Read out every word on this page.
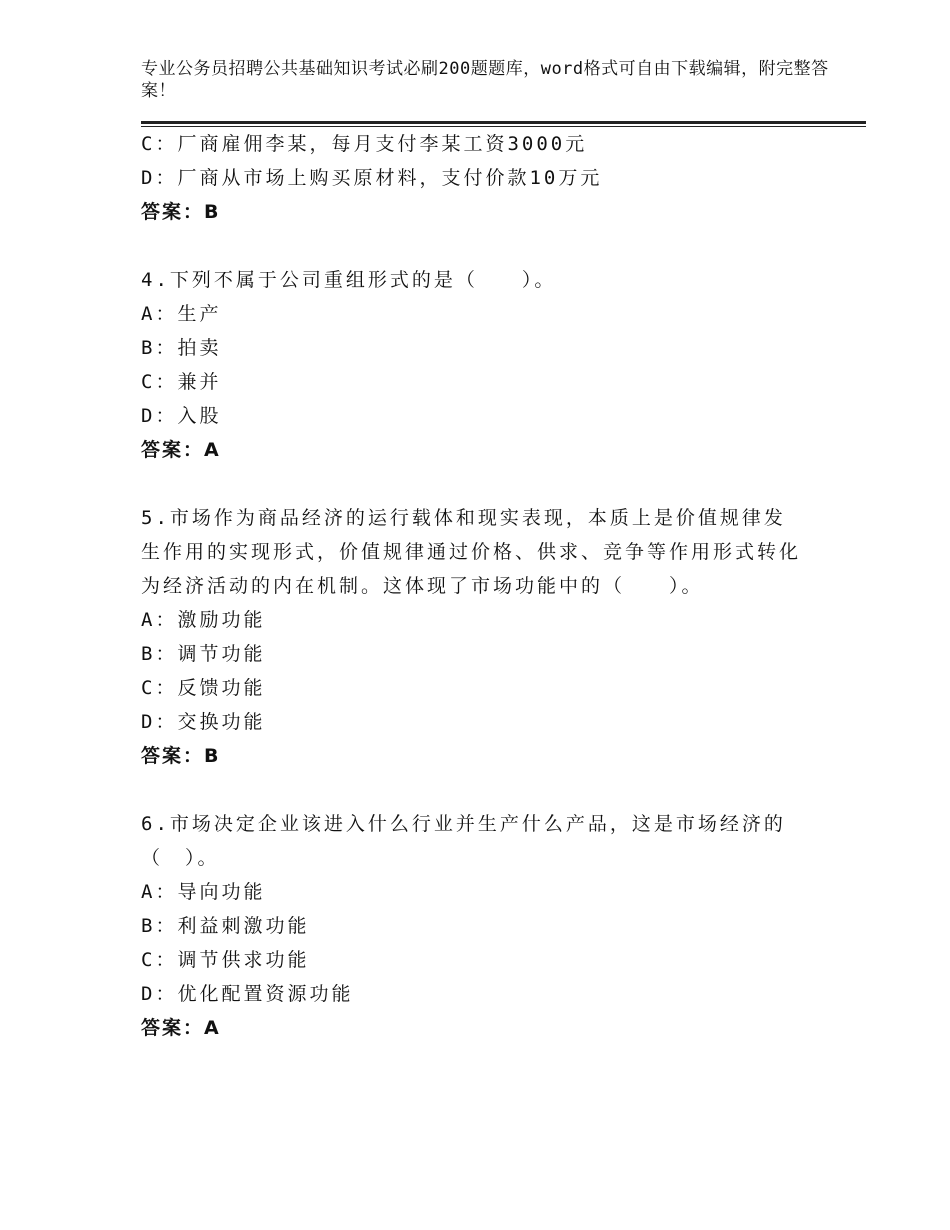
专业公务员招聘公共基础知识考试必刷200题题库，word格式可自由下载编辑，附完整答案！

C：厂商雇佣李某，每月支付李某工资3000元

D：厂商从市场上购买原材料，支付价款10万元

答案：B

4.下列不属于公司重组形式的是（　　）。

A：生产

B：拍卖

C：兼并

D：入股

答案：A

5.市场作为商品经济的运行载体和现实表现，本质上是价值规律发生作用的实现形式，价值规律通过价格、供求、竞争等作用形式转化为经济活动的内在机制。这体现了市场功能中的（　　）。

A：激励功能

B：调节功能

C：反馈功能

D：交换功能

答案：B

6.市场决定企业该进入什么行业并生产什么产品，这是市场经济的（　）。

A：导向功能

B：利益刺激功能

C：调节供求功能

D：优化配置资源功能

答案：A
